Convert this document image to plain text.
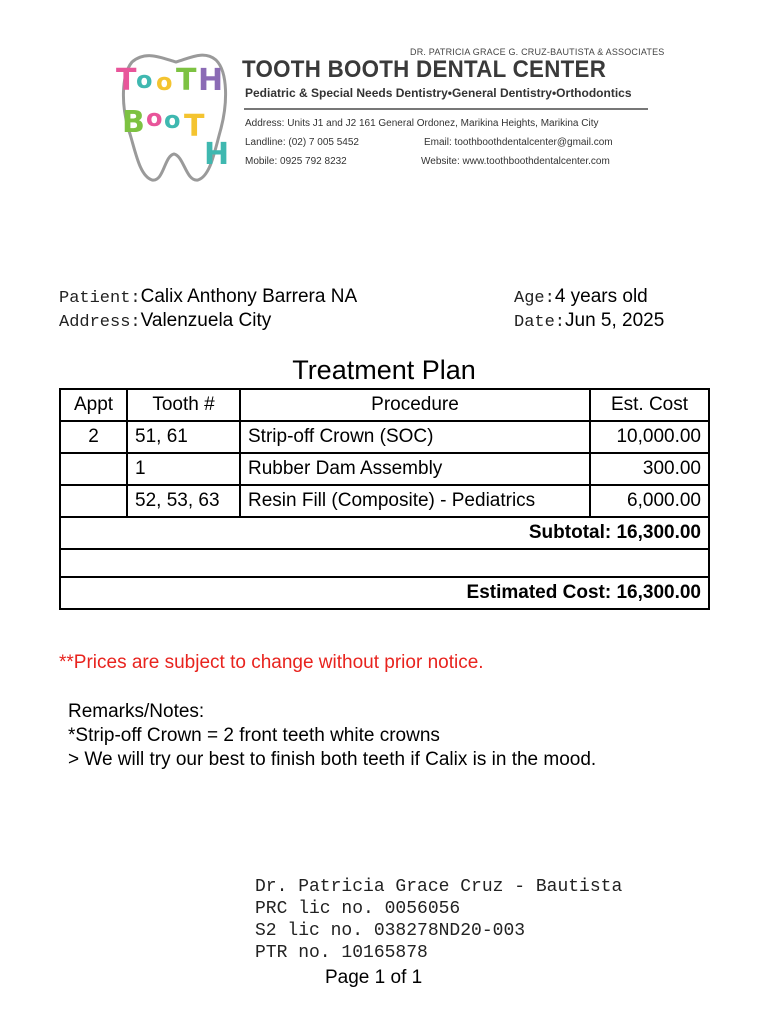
T o o T H
B o o T
H
DR. PATRICIA GRACE G. CRUZ-BAUTISTA & ASSOCIATES
TOOTH BOOTH DENTAL CENTER
Pediatric & Special Needs Dentistry•General Dentistry•Orthodontics
Address: Units J1 and J2 161 General Ordonez, Marikina Heights, Marikina City
Landline: (02) 7 005 5452	Email: toothboothdentalcenter@gmail.com
Mobile: 0925 792 8232	Website: www.toothboothdentalcenter.com
Patient:Calix Anthony Barrera NA
Address:Valenzuela City
Age:4 years old
Date:Jun 5, 2025
Treatment Plan
Appt	Tooth #	Procedure	Est. Cost
2	51, 61	Strip-off Crown (SOC)	10,000.00
	1	Rubber Dam Assembly	300.00
	52, 53, 63	Resin Fill (Composite) - Pediatrics	6,000.00
Subtotal: 16,300.00			

Estimated Cost: 16,300.00			
**Prices are subject to change without prior notice.
Remarks/Notes:
*Strip-off Crown = 2 front teeth white crowns
> We will try our best to finish both teeth if Calix is in the mood.
Dr. Patricia Grace Cruz - Bautista
PRC lic no. 0056056
S2 lic no. 038278ND20-003
PTR no. 10165878
Page 1 of 1
